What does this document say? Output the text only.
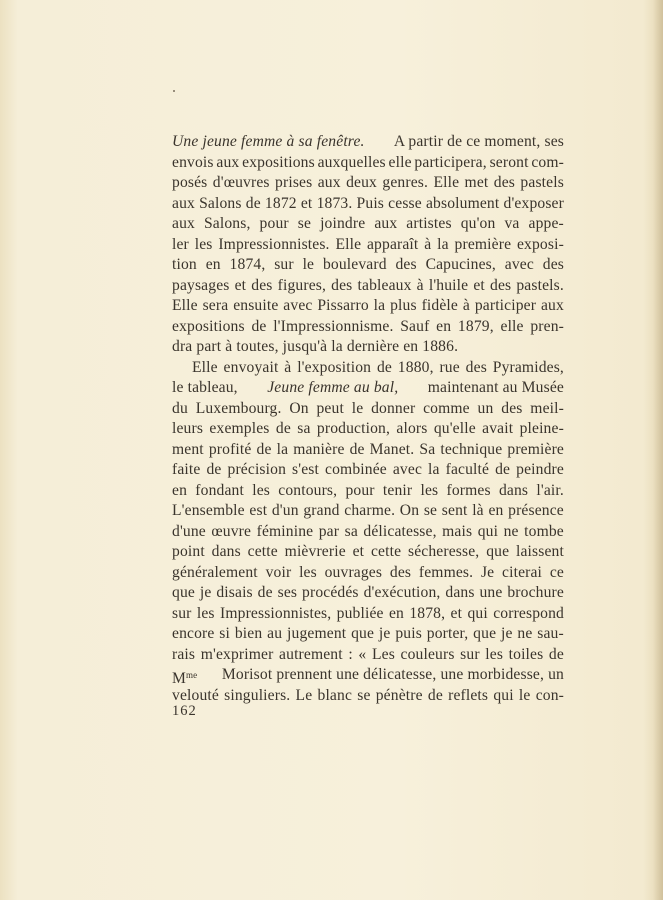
Une jeune femme à sa fenêtre. A partir de ce moment, ses
envois aux expositions auxquelles elle participera, seront com-
posés d'œuvres prises aux deux genres. Elle met des pastels
aux Salons de 1872 et 1873. Puis cesse absolument d'exposer
aux Salons, pour se joindre aux artistes qu'on va appe-
ler les Impressionnistes. Elle apparaît à la première exposi-
tion en 1874, sur le boulevard des Capucines, avec des
paysages et des figures, des tableaux à l'huile et des pastels.
Elle sera ensuite avec Pissarro la plus fidèle à participer aux
expositions de l'Impressionnisme. Sauf en 1879, elle pren-
dra part à toutes, jusqu'à la dernière en 1886.
Elle envoyait à l'exposition de 1880, rue des Pyramides,
le tableau, Jeune femme au bal, maintenant au Musée
du Luxembourg. On peut le donner comme un des meil-
leurs exemples de sa production, alors qu'elle avait pleine-
ment profité de la manière de Manet. Sa technique première
faite de précision s'est combinée avec la faculté de peindre
en fondant les contours, pour tenir les formes dans l'air.
L'ensemble est d'un grand charme. On se sent là en présence
d'une œuvre féminine par sa délicatesse, mais qui ne tombe
point dans cette mièvrerie et cette sécheresse, que laissent
généralement voir les ouvrages des femmes. Je citerai ce
que je disais de ses procédés d'exécution, dans une brochure
sur les Impressionnistes, publiée en 1878, et qui correspond
encore si bien au jugement que je puis porter, que je ne sau-
rais m'exprimer autrement : « Les couleurs sur les toiles de
Mme Morisot prennent une délicatesse, une morbidesse, un
velouté singuliers. Le blanc se pénètre de reflets qui le con-
162
